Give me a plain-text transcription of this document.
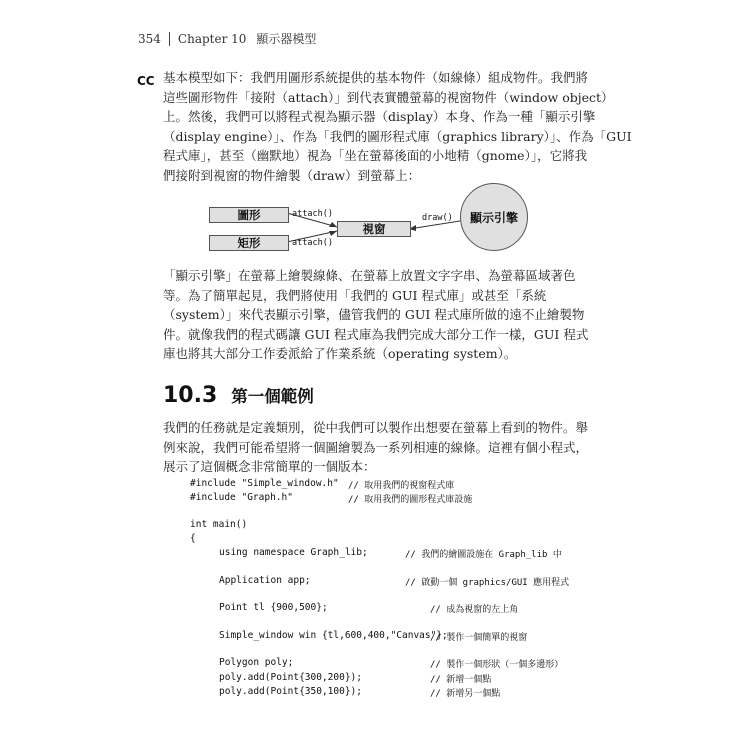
354 Chapter 10 顯示器模型
CC 基本模型如下：我們用圖形系統提供的基本物件（如線條）組成物件。我們將
這些圖形物件「接附（attach）」到代表實體螢幕的視窗物件（window object）
上。然後，我們可以將程式視為顯示器（display）本身、作為一種「顯示引擎
（display engine）」、作為「我們的圖形程式庫（graphics library）」、作為「GUI
程式庫」，甚至（幽默地）視為「坐在螢幕後面的小地精（gnome）」，它將我
們接附到視窗的物件繪製（draw）到螢幕上：
圖形
矩形
attach()
attach()
視窗
draw() 顯示引擎
「顯示引擎」在螢幕上繪製線條、在螢幕上放置文字字串、為螢幕區域著色
等。為了簡單起見，我們將使用「我們的 GUI 程式庫」或甚至「系統
（system）」來代表顯示引擎，儘管我們的 GUI 程式庫所做的遠不止繪製物
件。就像我們的程式碼讓 GUI 程式庫為我們完成大部分工作一樣，GUI 程式
庫也將其大部分工作委派給了作業系統（operating system）。
10.3 第一個範例
我們的任務就是定義類別，從中我們可以製作出想要在螢幕上看到的物件。舉
例來說，我們可能希望將一個圖繪製為一系列相連的線條。這裡有個小程式，
展示了這個概念非常簡單的一個版本：
#include "Simple_window.h" // 取用我們的視窗程式庫
#include "Graph.h"	// 取用我們的圖形程式庫設施
int main()
{
using namespace Graph_lib;	// 我們的繪圖設施在 Graph_lib 中
Application app;	// 啟動一個 graphics/GUI 應用程式
Point tl {900,500};	// 成為視窗的左上角
Simple_window win {tl,600,400,"Canvas"};
// 製作一個簡單的視窗
Polygon poly;	// 製作一個形狀（一個多邊形）
poly.add(Point{300,200});	// 新增一個點
poly.add(Point{350,100});	// 新增另一個點
